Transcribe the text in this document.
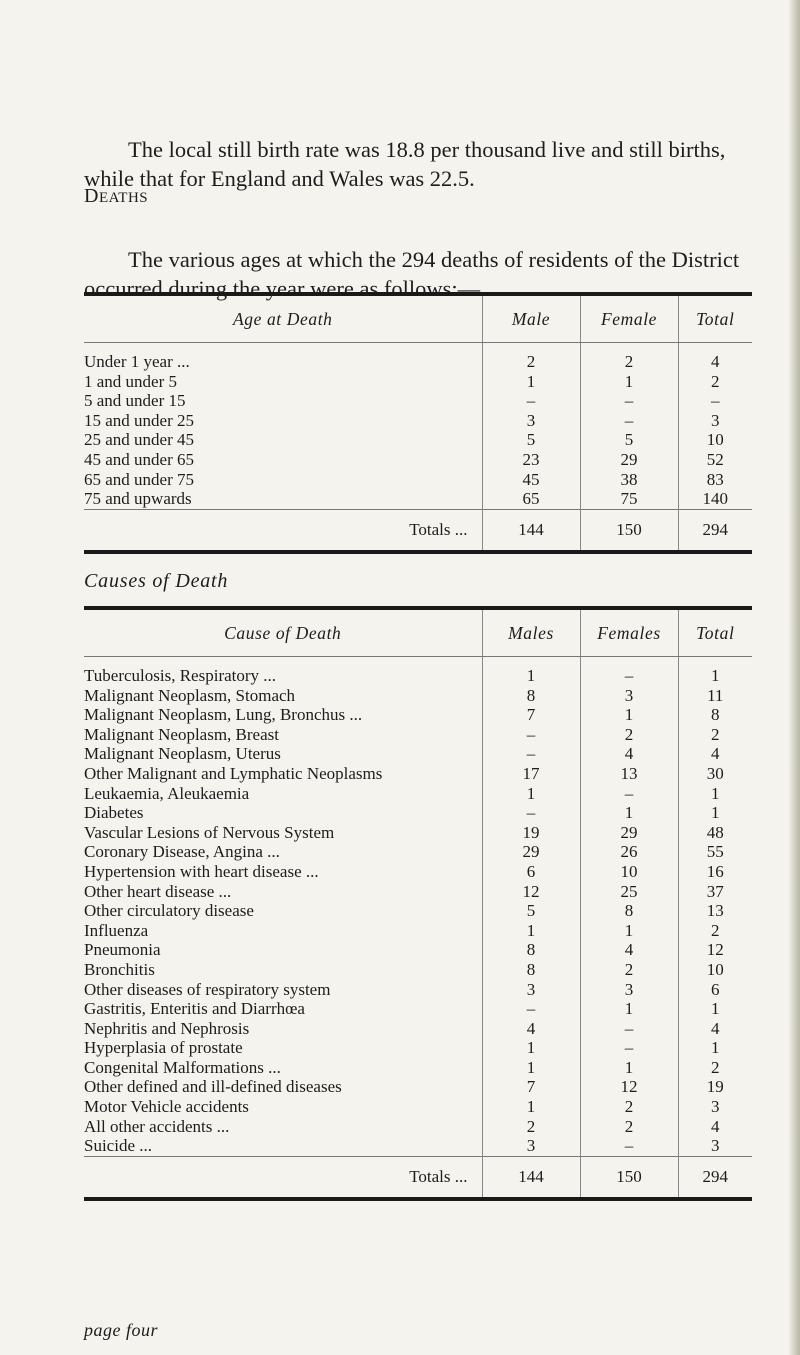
The local still birth rate was 18.8 per thousand live and still births, while that for England and Wales was 22.5.

DEATHS

The various ages at which the 294 deaths of residents of the District occurred during the year were as follows:—

Age at Death	Male	Female	Total

Under 1 year ...	2	2	4
1 and under 5	1	1	2
5 and under 15	–	–	–
15 and under 25	3	–	3
25 and under 45	5	5	10
45 and under 65	23	29	52
65 and under 75	45	38	83
75 and upwards	65	75	140
Totals ...	144	150	294

Causes of Death

Cause of Death	Males	Females	Total

Tuberculosis, Respiratory ...	1	–	1
Malignant Neoplasm, Stomach	8	3	11
Malignant Neoplasm, Lung, Bronchus ...	7	1	8
Malignant Neoplasm, Breast	–	2	2
Malignant Neoplasm, Uterus	–	4	4
Other Malignant and Lymphatic Neoplasms	17	13	30
Leukaemia, Aleukaemia	1	–	1
Diabetes	–	1	1
Vascular Lesions of Nervous System	19	29	48
Coronary Disease, Angina ...	29	26	55
Hypertension with heart disease ...	6	10	16
Other heart disease ...	12	25	37
Other circulatory disease	5	8	13
Influenza	1	1	2
Pneumonia	8	4	12
Bronchitis	8	2	10
Other diseases of respiratory system	3	3	6
Gastritis, Enteritis and Diarrhœa	–	1	1
Nephritis and Nephrosis	4	–	4
Hyperplasia of prostate	1	–	1
Congenital Malformations ...	1	1	2
Other defined and ill-defined diseases	7	12	19
Motor Vehicle accidents	1	2	3
All other accidents ...	2	2	4
Suicide ...	3	–	3
Totals ...	144	150	294

page four
